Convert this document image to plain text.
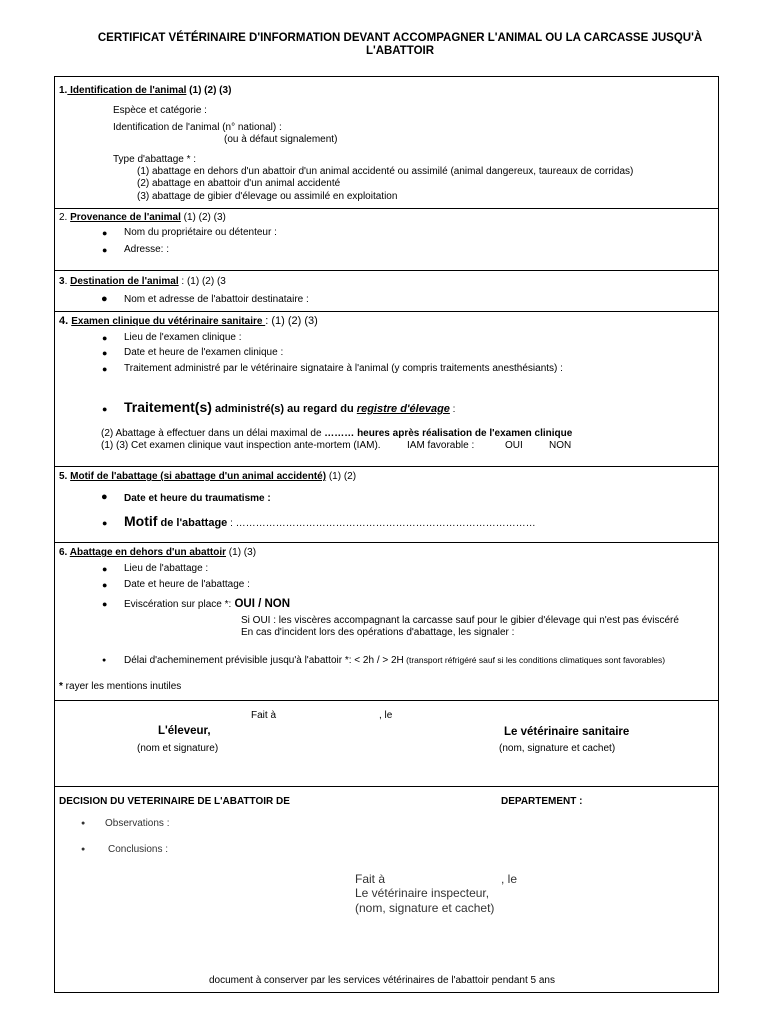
CERTIFICAT VÉTÉRINAIRE D'INFORMATION DEVANT ACCOMPAGNER L'ANIMAL OU LA CARCASSE JUSQU'À
L'ABATTOIR
1. Identification de l'animal (1) (2) (3)
Espèce et catégorie :
Identification de l'animal (n° national) :
(ou à défaut signalement)
Type d'abattage * :
(1) abattage en dehors d'un abattoir d'un animal accidenté ou assimilé (animal dangereux, taureaux de corridas)
(2) abattage en abattoir d'un animal accidenté
(3) abattage de gibier d'élevage ou assimilé en exploitation
2. Provenance de l'animal (1) (2) (3)
● Nom du propriétaire ou détenteur :
● Adresse: :
3. Destination de l'animal : (1) (2) (3
● Nom et adresse de l'abattoir destinataire :
4. Examen clinique du vétérinaire sanitaire : (1) (2) (3)
● Lieu de l'examen clinique :
● Date et heure de l'examen clinique :
● Traitement administré par le vétérinaire signataire à l'animal (y compris traitements anesthésiants) :
● Traitement(s) administré(s) au regard du registre d'élevage :
(2) Abattage à effectuer dans un délai maximal de ……… heures après réalisation de l'examen clinique
(1) (3) Cet examen clinique vaut inspection ante-mortem (IAM).	IAM favorable :	OUI	NON
5. Motif de l'abattage (si abattage d'un animal accidenté) (1) (2)
● Date et heure du traumatisme :
● Motif de l'abattage : ………………………………………………………………………………
6. Abattage en dehors d'un abattoir (1) (3)
● Lieu de l'abattage :
● Date et heure de l'abattage :
● Eviscération sur place *: OUI / NON
Si OUI : les viscères accompagnant la carcasse sauf pour le gibier d'élevage qui n'est pas éviscéré
En cas d'incident lors des opérations d'abattage, les signaler :
● Délai d'acheminement prévisible jusqu'à l'abattoir *: < 2h / > 2H (transport réfrigéré sauf si les conditions climatiques sont favorables)
* rayer les mentions inutiles
Fait à	, le
L'éleveur,
(nom et signature)
Le vétérinaire sanitaire
(nom, signature et cachet)
DECISION DU VETERINAIRE DE L'ABATTOIR DE	DEPARTEMENT :
● Observations :
● Conclusions :
Fait à	, le
Le vétérinaire inspecteur,
(nom, signature et cachet)
document à conserver par les services vétérinaires de l'abattoir pendant 5 ans
